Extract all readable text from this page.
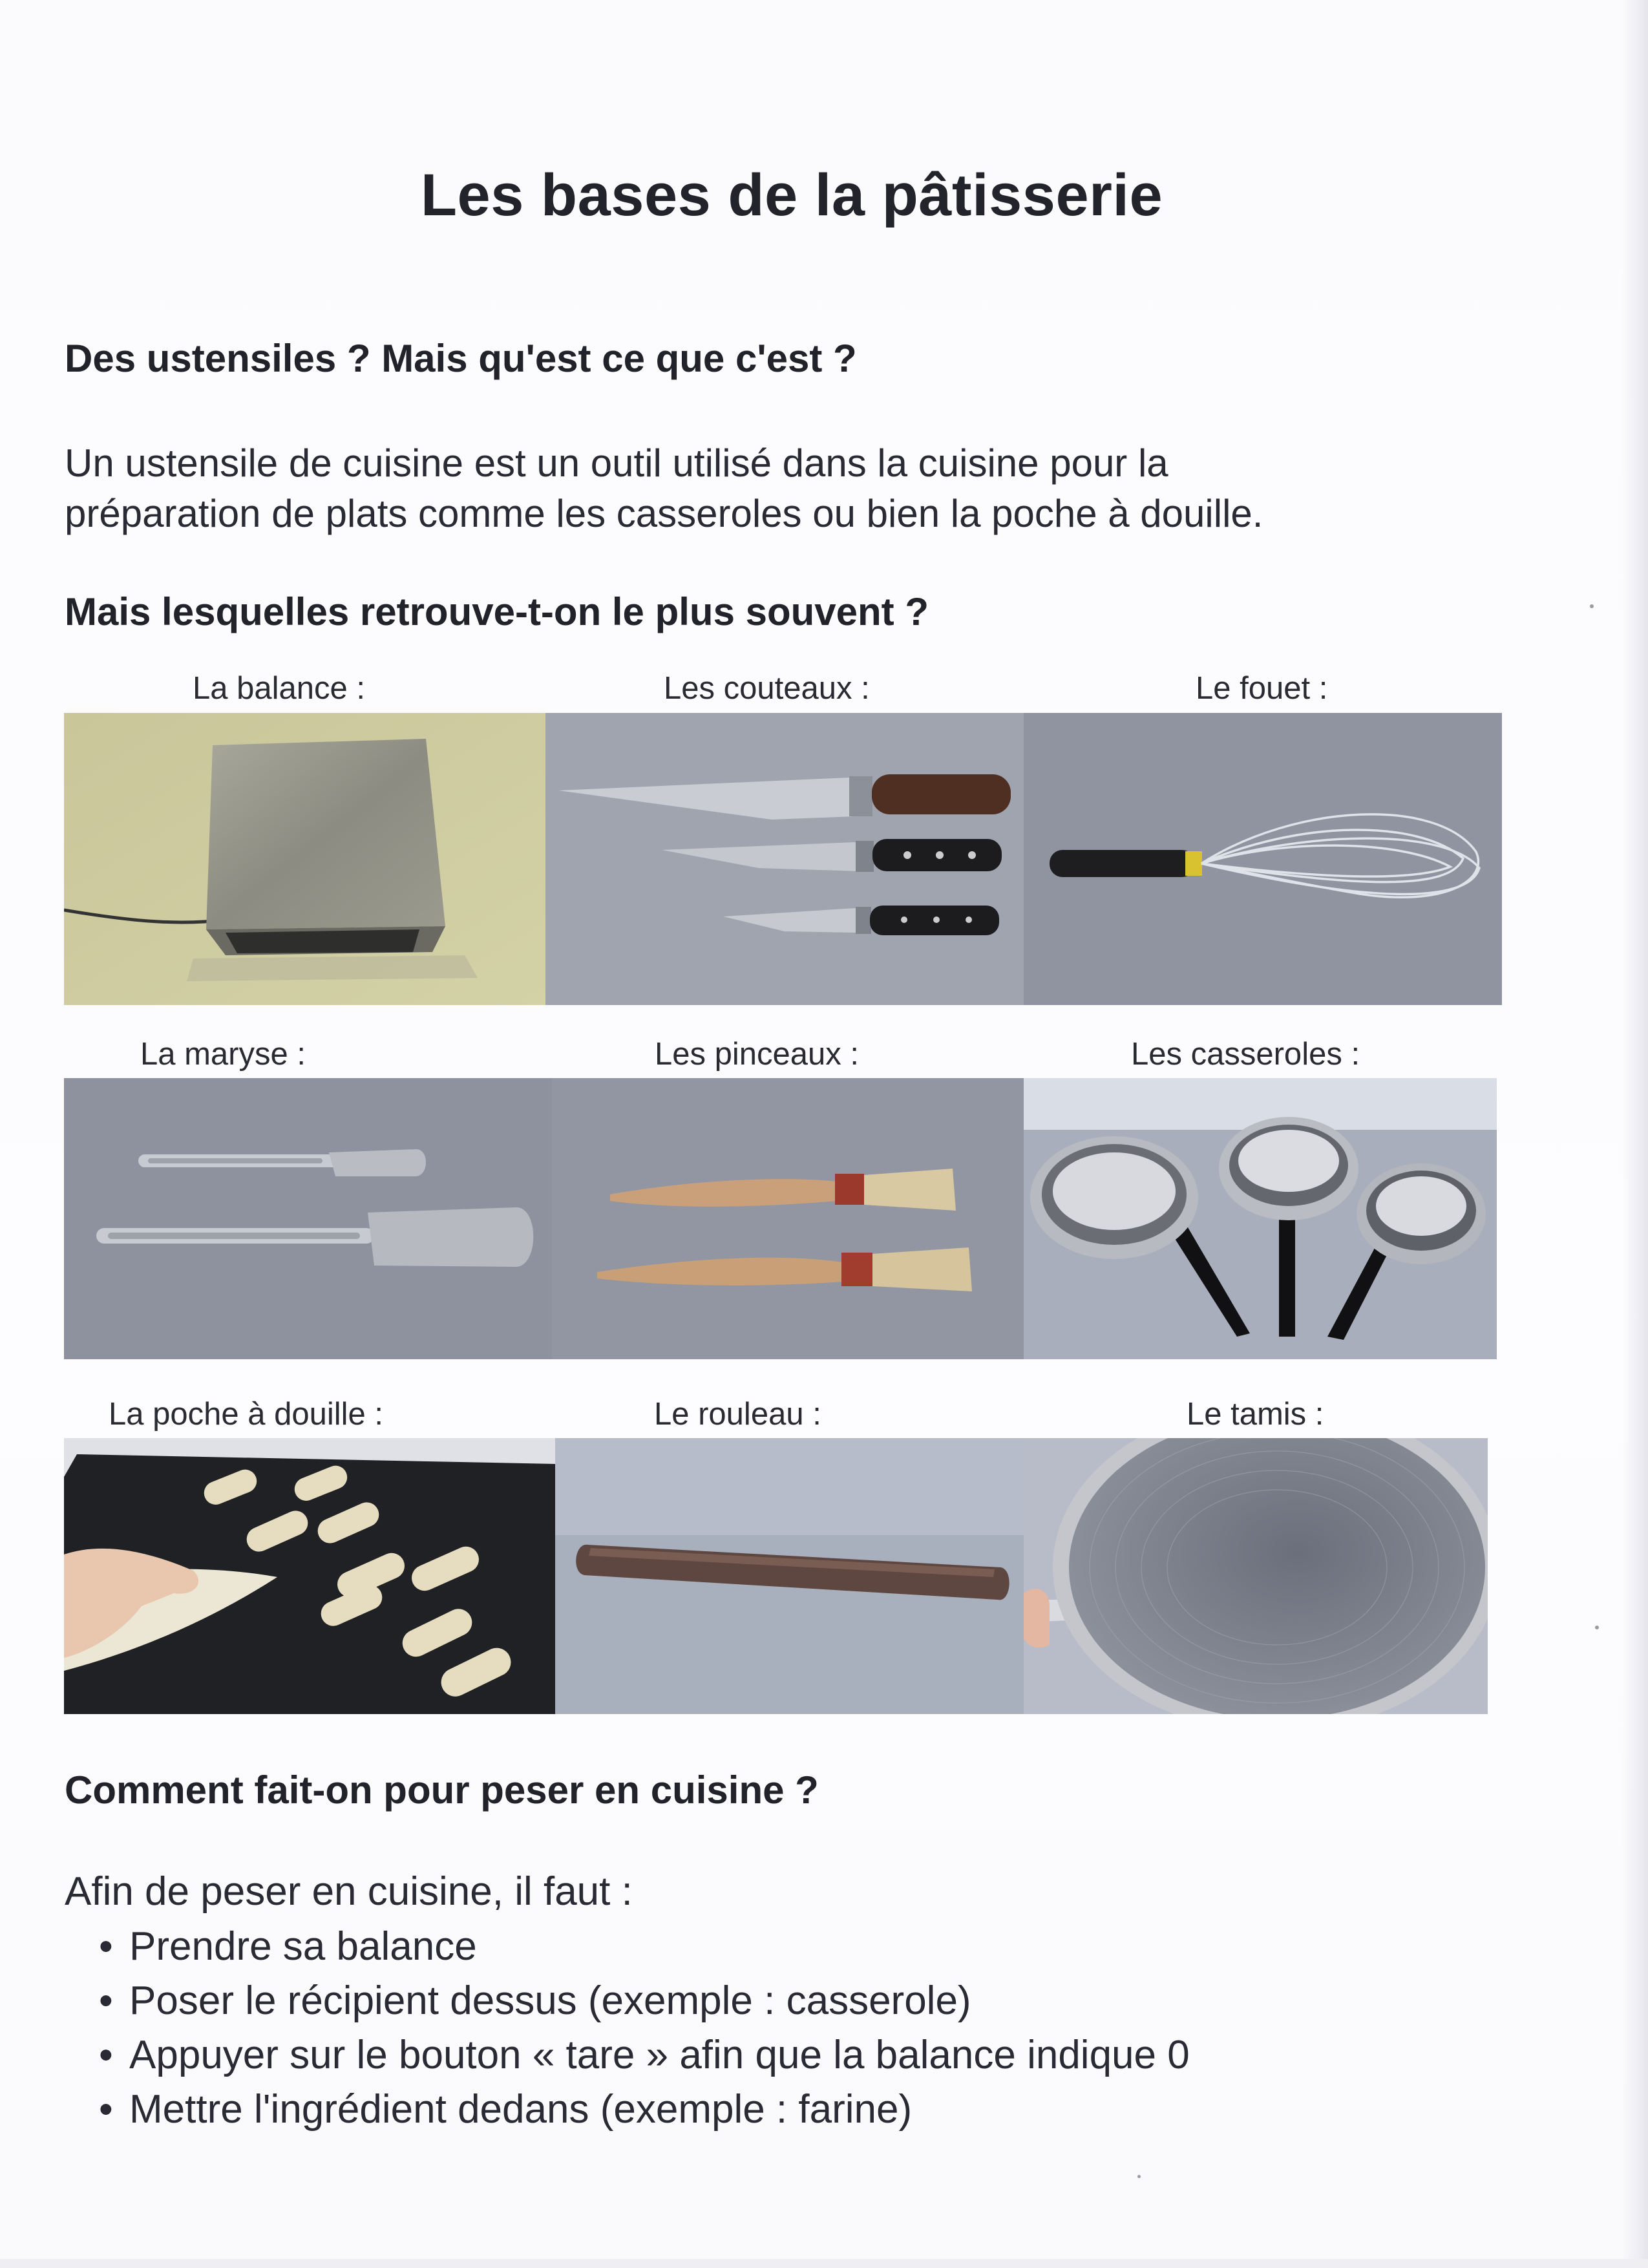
Les bases de la pâtisserie
Des ustensiles ? Mais qu'est ce que c'est ?
Un ustensile de cuisine est un outil utilisé dans la cuisine pour la
préparation de plats comme les casseroles ou bien la poche à douille.
Mais lesquelles retrouve-t-on le plus souvent ?
La balance :	Les couteaux :	Le fouet :
La maryse :	Les pinceaux :	Les casseroles :
La poche à douille :	Le rouleau :	Le tamis :
Comment fait-on pour peser en cuisine ?
Afin de peser en cuisine, il faut :
• Prendre sa balance
• Poser le récipient dessus (exemple : casserole)
• Appuyer sur le bouton « tare » afin que la balance indique 0
• Mettre l'ingrédient dedans (exemple : farine)
